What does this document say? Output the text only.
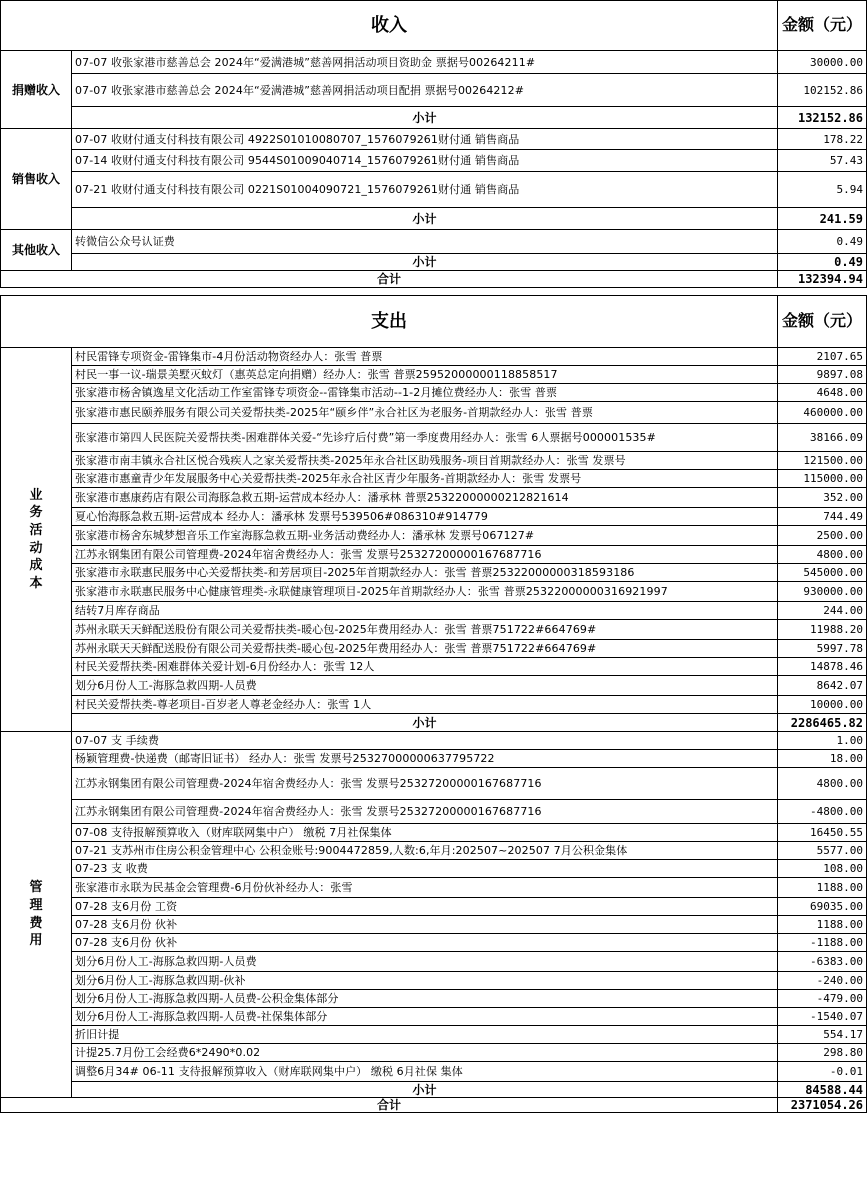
收入		金额（元）
捐赠收入	07-07 收张家港市慈善总会 2024年“爱满港城”慈善网捐活动项目资助金 票据号00264211#	30000.00
	07-07 收张家港市慈善总会 2024年“爱满港城”慈善网捐活动项目配捐 票据号00264212#	102152.86
	小计	132152.86
销售收入	07-07 收财付通支付科技有限公司 4922S01010080707_1576079261财付通 销售商品	178.22
	07-14 收财付通支付科技有限公司 9544S01009040714_1576079261财付通 销售商品	57.43
	07-21 收财付通支付科技有限公司 0221S01004090721_1576079261财付通 销售商品	5.94
	小计	241.59
其他收入	转微信公众号认证费	0.49
	小计	0.49
合计		132394.94
支出		金额（元）
业务活动成本	村民雷锋专项资金-雷锋集市-4月份活动物资经办人：张雪 普票	2107.65
	村民一事一议-瑞景美墅灭蚊灯（惠英总定向捐赠）经办人：张雪 普票25952000000118858517	9897.08
	张家港市杨舍镇逸星文化活动工作室雷锋专项资金--雷锋集市活动--1-2月摊位费经办人：张雪 普票	4648.00
	张家港市惠民颐养服务有限公司关爱帮扶类-2025年“颐乡伴”永合社区为老服务-首期款经办人：张雪 普票	460000.00
	张家港市第四人民医院关爱帮扶类-困难群体关爱-“先诊疗后付费”第一季度费用经办人：张雪 6人票据号000001535#	38166.09
	张家港市南丰镇永合社区悦合残疾人之家关爱帮扶类-2025年永合社区助残服务-项目首期款经办人：张雪 发票号	121500.00
	张家港市惠童青少年发展服务中心关爱帮扶类-2025年永合社区青少年服务-首期款经办人：张雪 发票号	115000.00
	张家港市惠康药店有限公司海豚急救五期-运营成本经办人：潘承林 普票25322000000212821614	352.00
	夏心怡海豚急救五期-运营成本 经办人：潘承林 发票号539506#086310#914779	744.49
	张家港市杨舍东城梦想音乐工作室海豚急救五期-业务活动费经办人：潘承林 发票号067127#	2500.00
	江苏永钢集团有限公司管理费-2024年宿舍费经办人：张雪 发票号25327200000167687716	4800.00
	张家港市永联惠民服务中心关爱帮扶类-和芳居项目-2025年首期款经办人：张雪 普票25322000000318593186	545000.00
	张家港市永联惠民服务中心健康管理类-永联健康管理项目-2025年首期款经办人：张雪 普票25322000000316921997	930000.00
	结转7月库存商品	244.00
	苏州永联天天鲜配送股份有限公司关爱帮扶类-暖心包-2025年费用经办人：张雪 普票751722#664769#	11988.20
	苏州永联天天鲜配送股份有限公司关爱帮扶类-暖心包-2025年费用经办人：张雪 普票751722#664769#	5997.78
	村民关爱帮扶类-困难群体关爱计划-6月份经办人：张雪 12人	14878.46
	划分6月份人工-海豚急救四期-人员费	8642.07
	村民关爱帮扶类-尊老项目-百岁老人尊老金经办人：张雪 1人	10000.00
	小计	2286465.82
管理费用	07-07 支 手续费	1.00
	杨颖管理费-快递费（邮寄旧证书） 经办人：张雪 发票号25327000000637795722	18.00
	江苏永钢集团有限公司管理费-2024年宿舍费经办人：张雪 发票号25327200000167687716	4800.00
	江苏永钢集团有限公司管理费-2024年宿舍费经办人：张雪 发票号25327200000167687716	-4800.00
	07-08 支待报解预算收入（财库联网集中户） 缴税 7月社保集体	16450.55
	07-21 支苏州市住房公积金管理中心 公积金账号:9004472859,人数:6,年月:202507~202507 7月公积金集体	5577.00
	07-23 支 收费	108.00
	张家港市永联为民基金会管理费-6月份伙补经办人：张雪	1188.00
	07-28 支6月份 工资	69035.00
	07-28 支6月份 伙补	1188.00
	07-28 支6月份 伙补	-1188.00
	划分6月份人工-海豚急救四期-人员费	-6383.00
	划分6月份人工-海豚急救四期-伙补	-240.00
	划分6月份人工-海豚急救四期-人员费-公积金集体部分	-479.00
	划分6月份人工-海豚急救四期-人员费-社保集体部分	-1540.07
	折旧计提	554.17
	计提25.7月份工会经费6*2490*0.02	298.80
	调整6月34# 06-11 支待报解预算收入（财库联网集中户） 缴税 6月社保 集体	-0.01
	小计	84588.44
合计		2371054.26
